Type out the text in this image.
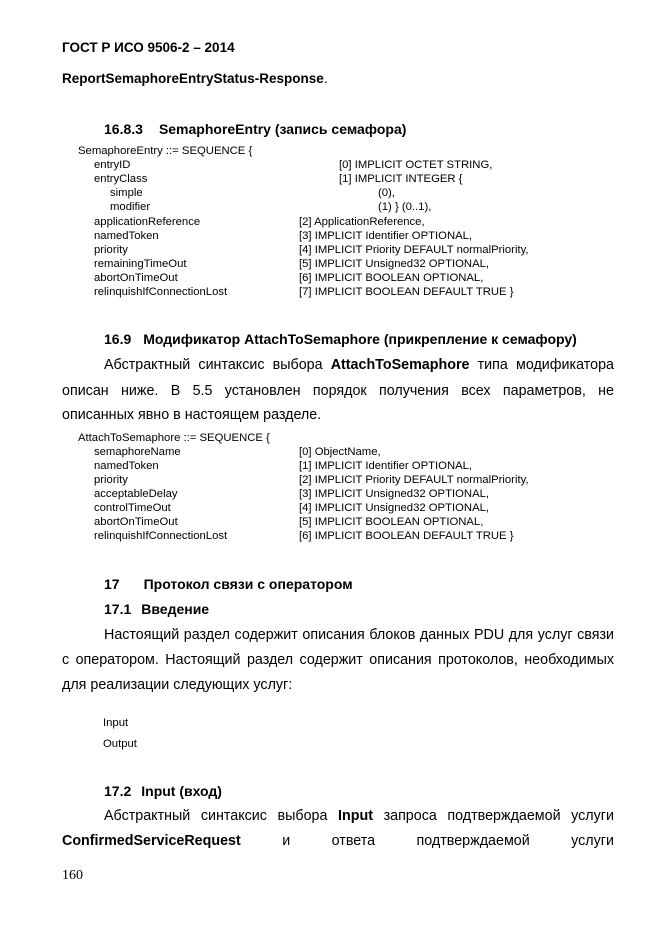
ГОСТ Р ИСО 9506-2 – 2014
ReportSemaphoreEntryStatus-Response.
16.8.3 SemaphoreEntry (запись семафора)
SemaphoreEntry ::= SEQUENCE {
entryID	[0] IMPLICIT OCTET STRING,
entryClass	[1] IMPLICIT INTEGER {
simple	(0),
modifier	(1) } (0..1),
applicationReference	[2] ApplicationReference,
namedToken	[3] IMPLICIT Identifier OPTIONAL,
priority	[4] IMPLICIT Priority DEFAULT normalPriority,
remainingTimeOut	[5] IMPLICIT Unsigned32 OPTIONAL,
abortOnTimeOut	[6] IMPLICIT BOOLEAN OPTIONAL,
relinquishIfConnectionLost	[7] IMPLICIT BOOLEAN DEFAULT TRUE }
16.9 Модификатор AttachToSemaphore (прикрепление к семафору)
Абстрактный синтаксис выбора AttachToSemaphore типа модификатора
описан ниже. В 5.5 установлен порядок получения всех параметров, не
описанных явно в настоящем разделе.
AttachToSemaphore ::= SEQUENCE {
semaphoreName	[0] ObjectName,
namedToken	[1] IMPLICIT Identifier OPTIONAL,
priority	[2] IMPLICIT Priority DEFAULT normalPriority,
acceptableDelay	[3] IMPLICIT Unsigned32 OPTIONAL,
controlTimeOut	[4] IMPLICIT Unsigned32 OPTIONAL,
abortOnTimeOut	[5] IMPLICIT BOOLEAN OPTIONAL,
relinquishIfConnectionLost	[6] IMPLICIT BOOLEAN DEFAULT TRUE }
17 Протокол связи с оператором
17.1 Введение
Настоящий раздел содержит описания блоков данных PDU для услуг связи
с оператором. Настоящий раздел содержит описания протоколов, необходимых
для реализации следующих услуг:
Input
Output
17.2 Input (вход)
Абстрактный синтаксис выбора Input запроса подтверждаемой услуги
ConfirmedServiceRequest	и	ответа	подтверждаемой	услуги
160
